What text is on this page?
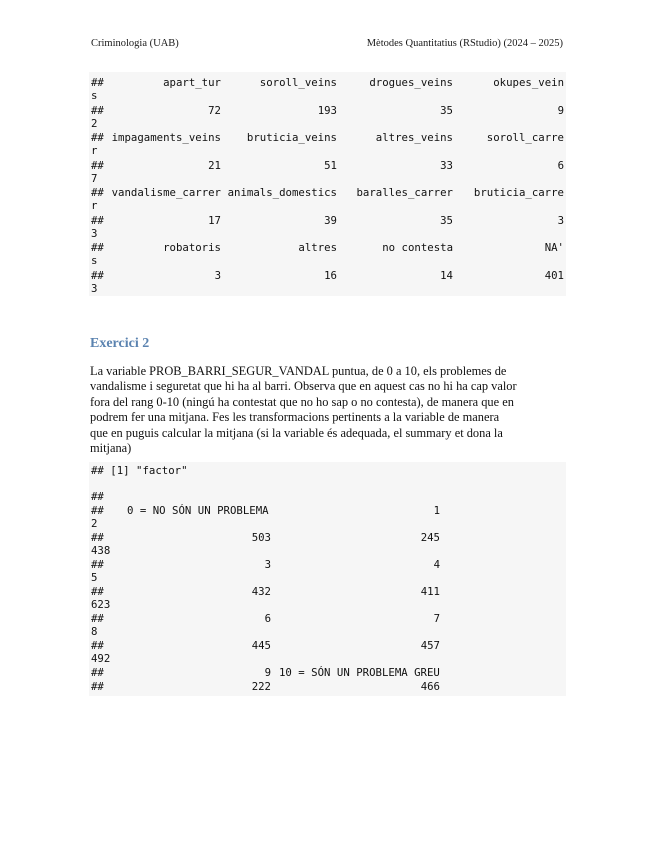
Criminologia (UAB)	Mètodes Quantitatius (RStudio) (2024 – 2025)
##	apart_tur	soroll_veins	drogues_veins	okupes_vein
s
##	72	193	35	9
2
## impagaments_veins	bruticia_veins	altres_veins	soroll_carre
r
##	21	51	33	6
7
## vandalisme_carrer animals_domestics	baralles_carrer	bruticia_carre
r
##	17	39	35	3
3
##	robatoris	altres	no contesta	NA'
s
##	3	16	14	401
3
Exercici 2
La variable PROB_BARRI_SEGUR_VANDAL puntua, de 0 a 10, els problemes de
vandalisme i seguretat que hi ha al barri. Observa que en aquest cas no hi ha cap valor
fora del rang 0-10 (ningú ha contestat que no ho sap o no contesta), de manera que en
podrem fer una mitjana. Fes les transformacions pertinents a la variable de manera
que en puguis calcular la mitjana (si la variable és adequada, el summary et dona la
mitjana)
## [1] "factor"
##
## 0 = NO SÓN UN PROBLEMA	1
2
##	503	245
438
##	3	4
5
##	432	411
623
##	6	7
8
##	445	457
492
##	9 10 = SÓN UN PROBLEMA GREU
##	222	466
